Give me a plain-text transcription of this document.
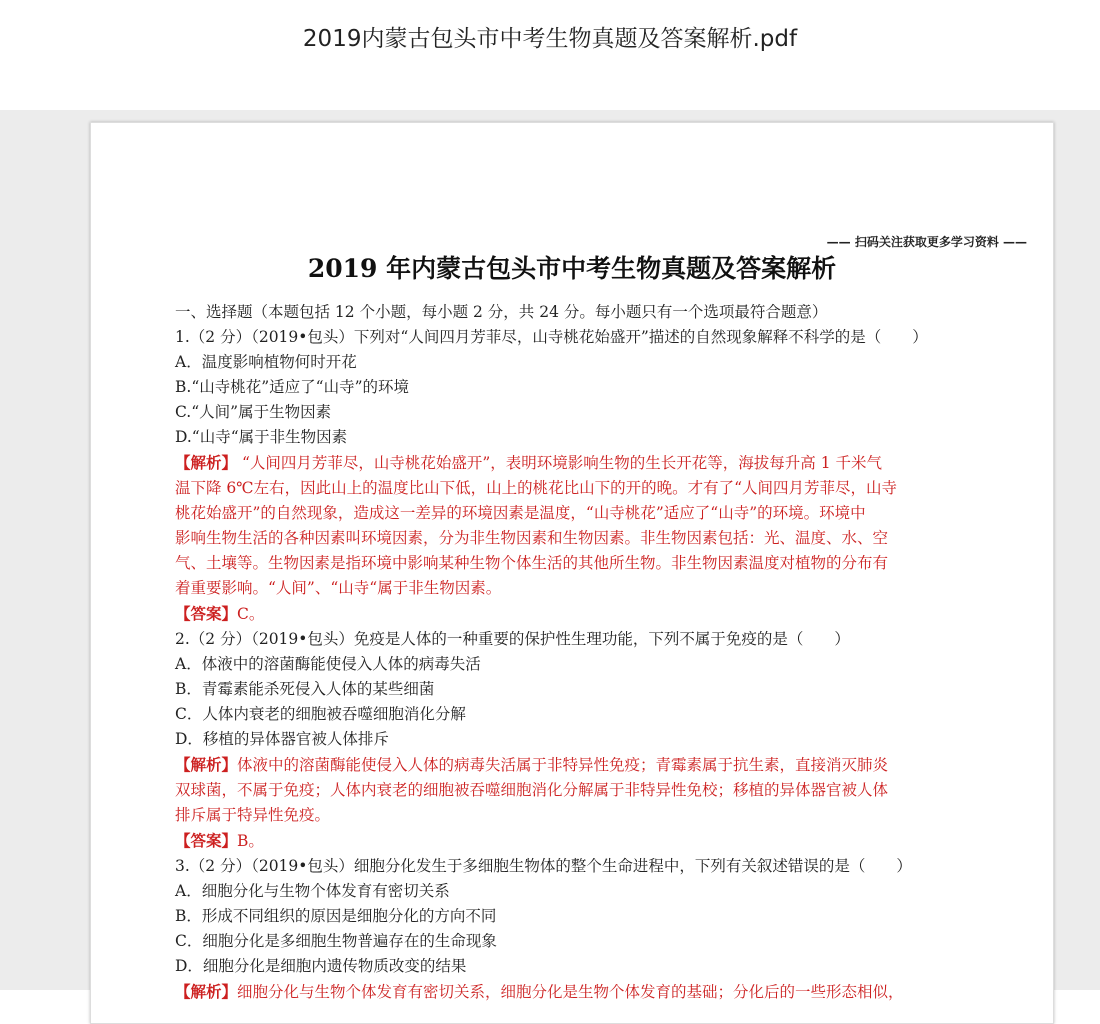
2019内蒙古包头市中考生物真题及答案解析.pdf
—— 扫码关注获取更多学习资料 ——
2019 年内蒙古包头市中考生物真题及答案解析
一、选择题（本题包括 12 个小题，每小题 2 分，共 24 分。每小题只有一个选项最符合题意）
1.（2 分）（2019•包头）下列对“人间四月芳菲尽，山寺桃花始盛开”描述的自然现象解释不科学的是（　　）
A．温度影响植物何时开花
B.“山寺桃花”适应了“山寺”的环境
C.“人间”属于生物因素
D.“山寺“属于非生物因素
【解析】 “人间四月芳菲尽，山寺桃花始盛开”，表明环境影响生物的生长开花等，海拔每升高 1 千米气
温下降 6℃左右，因此山上的温度比山下低，山上的桃花比山下的开的晚。才有了“人间四月芳菲尽，山寺
桃花始盛开”的自然现象，造成这一差异的环境因素是温度，“山寺桃花”适应了“山寺”的环境。环境中
影响生物生活的各种因素叫环境因素，分为非生物因素和生物因素。非生物因素包括：光、温度、水、空
气、土壤等。生物因素是指环境中影响某种生物个体生活的其他所生物。非生物因素温度对植物的分布有
着重要影响。“人间”、“山寺“属于非生物因素。
【答案】C。
2.（2 分）（2019•包头）免疫是人体的一种重要的保护性生理功能，下列不属于免疫的是（　　）
A．体液中的溶菌酶能使侵入人体的病毒失活
B．青霉素能杀死侵入人体的某些细菌
C．人体内衰老的细胞被吞噬细胞消化分解
D．移植的异体器官被人体排斥
【解析】体液中的溶菌酶能使侵入人体的病毒失活属于非特异性免疫；青霉素属于抗生素，直接消灭肺炎
双球菌，不属于免疫；人体内衰老的细胞被吞噬细胞消化分解属于非特异性免校；移植的异体器官被人体
排斥属于特异性免疫。
【答案】B。
3.（2 分）（2019•包头）细胞分化发生于多细胞生物体的整个生命进程中，下列有关叙述错误的是（　　）
A．细胞分化与生物个体发育有密切关系
B．形成不同组织的原因是细胞分化的方向不同
C．细胞分化是多细胞生物普遍存在的生命现象
D．细胞分化是细胞内遗传物质改变的结果
【解析】细胞分化与生物个体发育有密切关系，细胞分化是生物个体发育的基础；分化后的一些形态相似，
